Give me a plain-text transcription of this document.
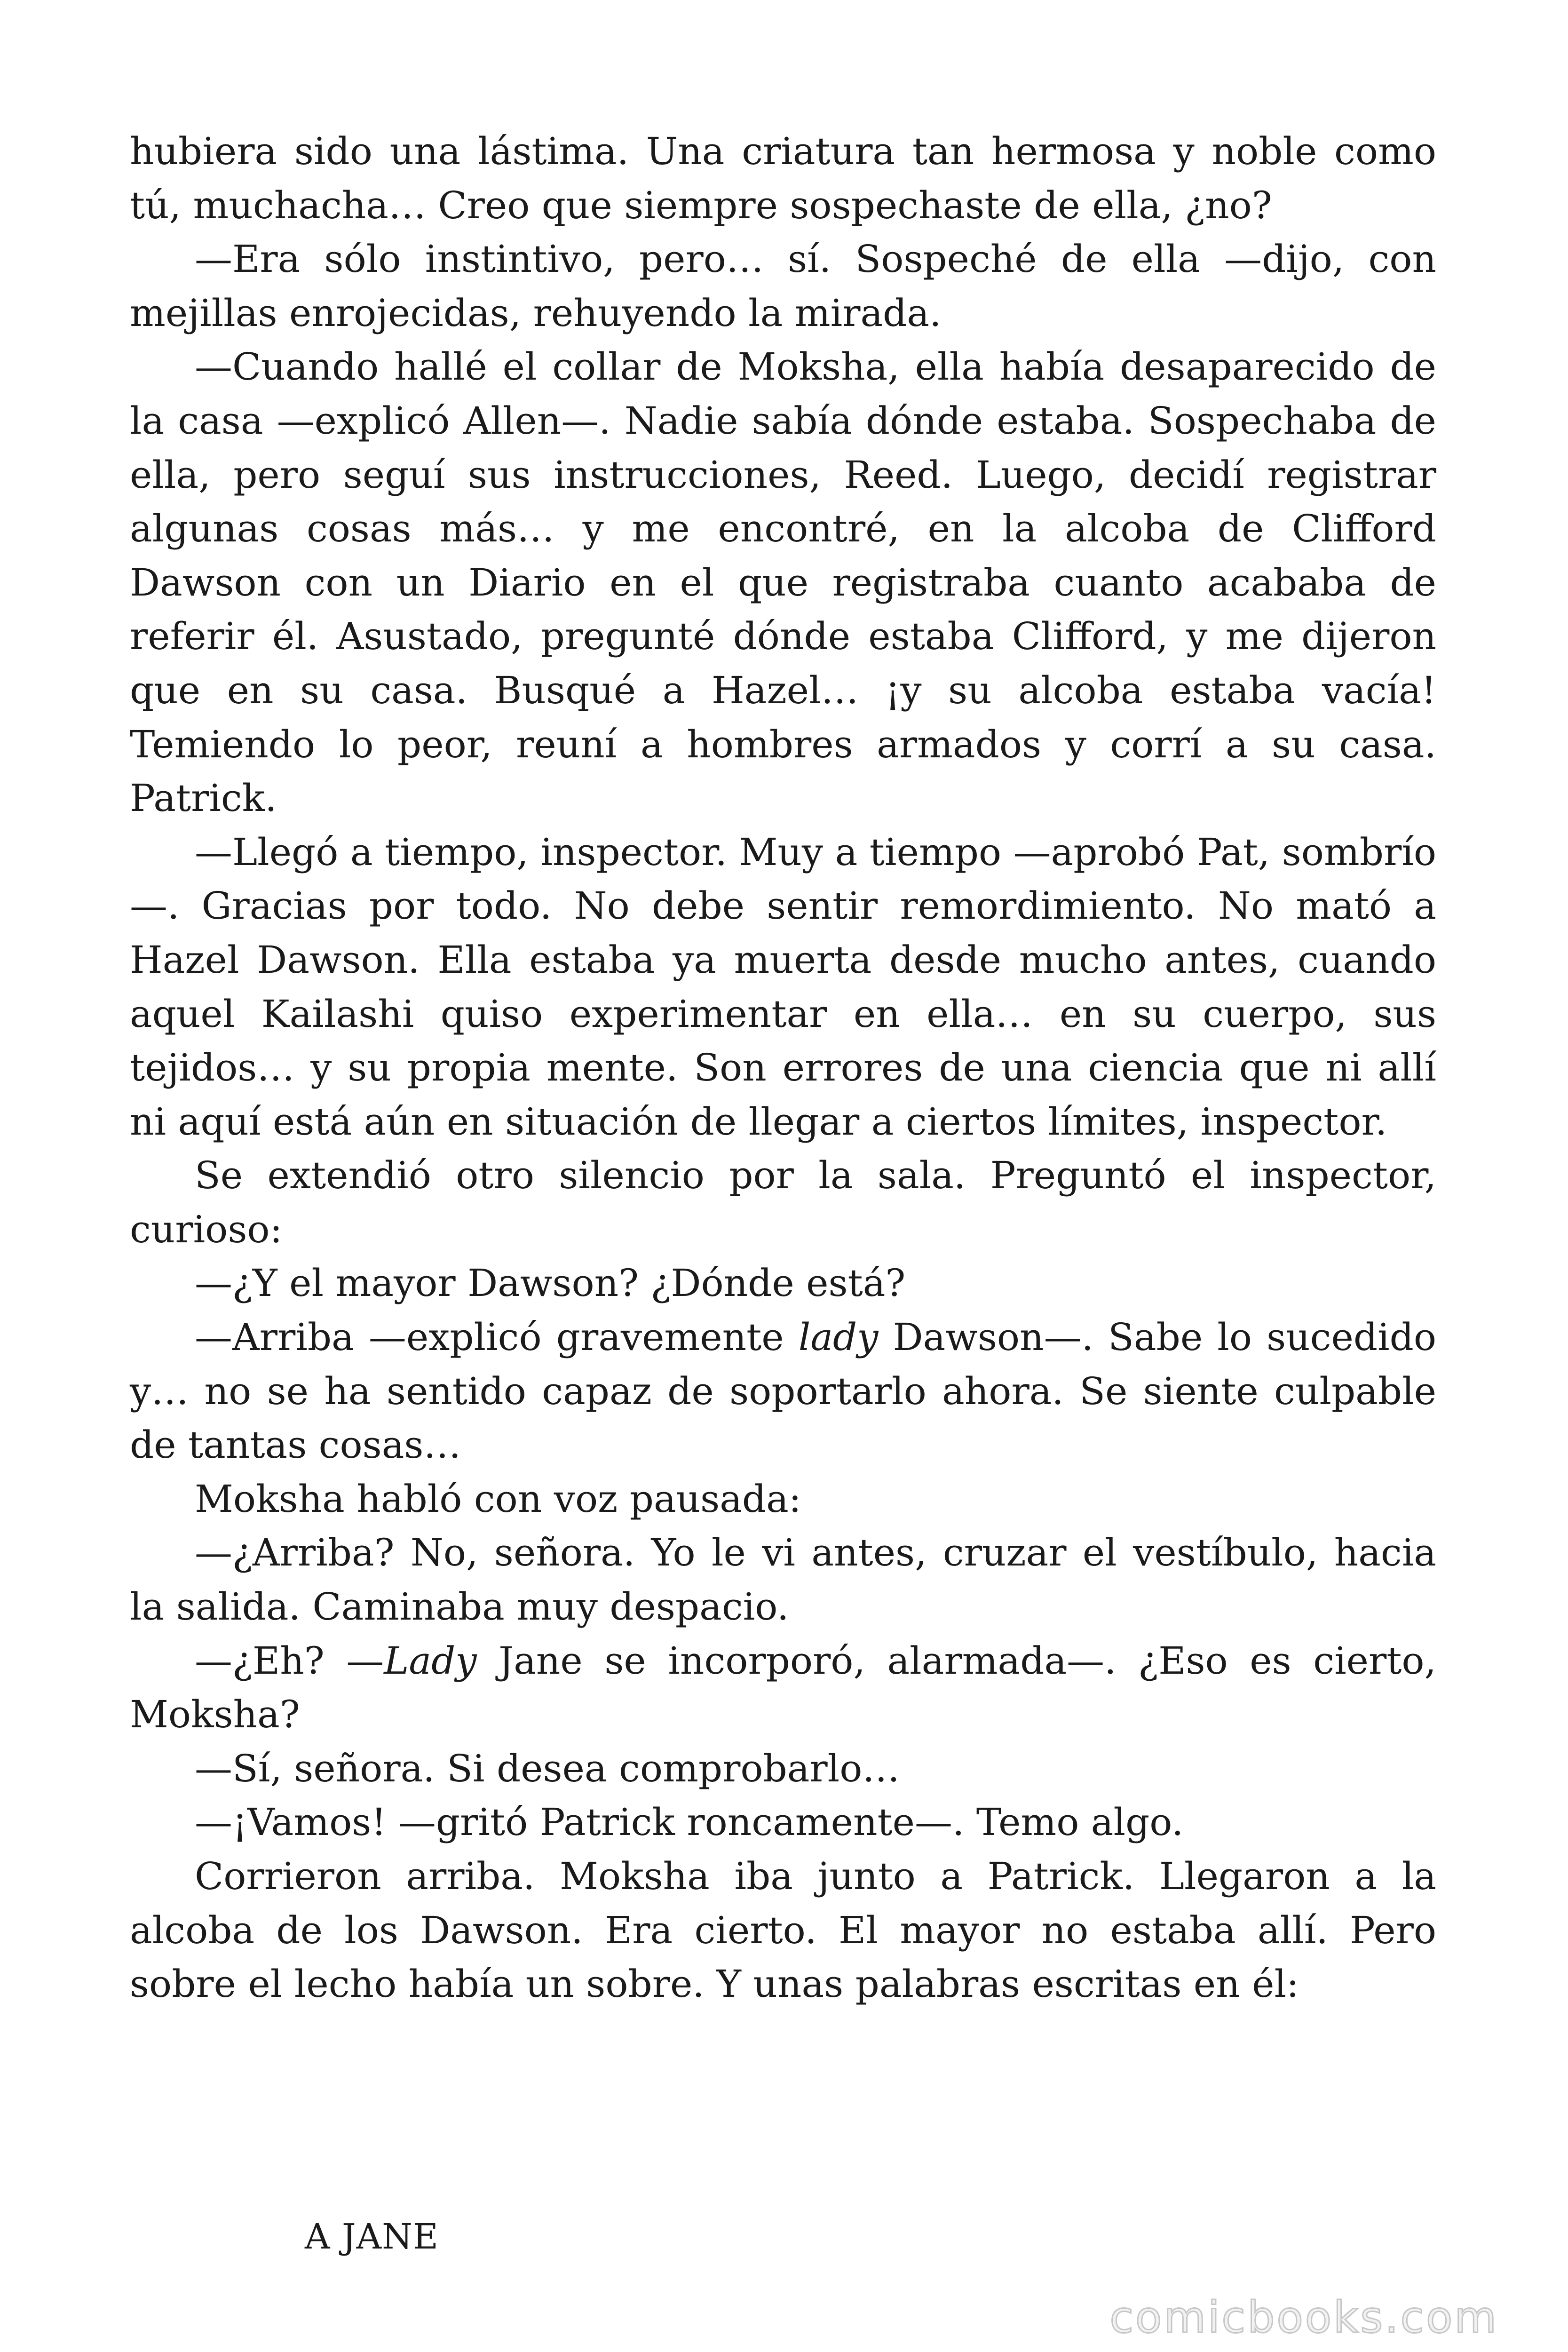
hubiera sido una lástima. Una criatura tan hermosa y noble como tú, muchacha… Creo que siempre sospechaste de ella, ¿no?

—Era sólo instintivo, pero… sí. Sospeché de ella —dijo, con mejillas enrojecidas, rehuyendo la mirada.

—Cuando hallé el collar de Moksha, ella había desaparecido de la casa —explicó Allen—. Nadie sabía dónde estaba. Sospechaba de ella, pero seguí sus instrucciones, Reed. Luego, decidí registrar algunas cosas más… y me encontré, en la alcoba de Clifford Dawson con un Diario en el que registraba cuanto acababa de referir él. Asustado, pregunté dónde estaba Clifford, y me dijeron que en su casa. Busqué a Hazel… ¡y su alcoba estaba vacía! Temiendo lo peor, reuní a hombres armados y corrí a su casa. Patrick.

—Llegó a tiempo, inspector. Muy a tiempo —aprobó Pat, sombrío—. Gracias por todo. No debe sentir remordimiento. No mató a Hazel Dawson. Ella estaba ya muerta desde mucho antes, cuando aquel Kailashi quiso experimentar en ella… en su cuerpo, sus tejidos… y su propia mente. Son errores de una ciencia que ni allí ni aquí está aún en situación de llegar a ciertos límites, inspector.

Se extendió otro silencio por la sala. Preguntó el inspector, curioso:

—¿Y el mayor Dawson? ¿Dónde está?

—Arriba —explicó gravemente lady Dawson—. Sabe lo sucedido y… no se ha sentido capaz de soportarlo ahora. Se siente culpable de tantas cosas…

Moksha habló con voz pausada:

—¿Arriba? No, señora. Yo le vi antes, cruzar el vestíbulo, hacia la salida. Caminaba muy despacio.

—¿Eh? —Lady Jane se incorporó, alarmada—. ¿Eso es cierto, Moksha?

—Sí, señora. Si desea comprobarlo…

—¡Vamos! —gritó Patrick roncamente—. Temo algo.

Corrieron arriba. Moksha iba junto a Patrick. Llegaron a la alcoba de los Dawson. Era cierto. El mayor no estaba allí. Pero sobre el lecho había un sobre. Y unas palabras escritas en él:

A JANE

comicbooks.com
